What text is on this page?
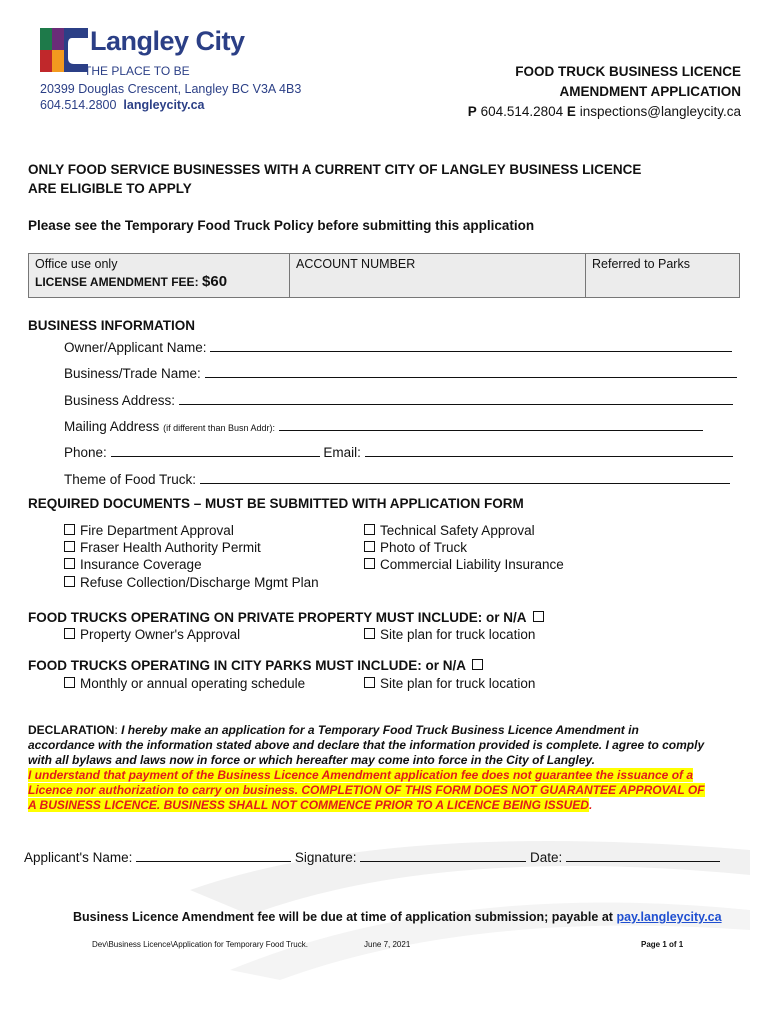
Langley City
THE PLACE TO BE
20399 Douglas Crescent, Langley BC V3A 4B3
604.514.2800 langleycity.ca
FOOD TRUCK BUSINESS LICENCE
AMENDMENT APPLICATION
P 604.514.2804 E inspections@langleycity.ca
ONLY FOOD SERVICE BUSINESSES WITH A CURRENT CITY OF LANGLEY BUSINESS LICENCE
ARE ELIGIBLE TO APPLY
Please see the Temporary Food Truck Policy before submitting this application
Office use only
LICENSE AMENDMENT FEE: $60
ACCOUNT NUMBER	Referred to Parks
BUSINESS INFORMATION
Owner/Applicant Name:
Business/Trade Name:
Business Address:
Mailing Address (if different than Busn Addr):
Phone:	Email:
Theme of Food Truck:
REQUIRED DOCUMENTS – MUST BE SUBMITTED WITH APPLICATION FORM
Fire Department Approval
Fraser Health Authority Permit
Insurance Coverage
Refuse Collection/Discharge Mgmt Plan
Technical Safety Approval
Photo of Truck
Commercial Liability Insurance
FOOD TRUCKS OPERATING ON PRIVATE PROPERTY MUST INCLUDE: or N/A
Property Owner's Approval	Site plan for truck location
FOOD TRUCKS OPERATING IN CITY PARKS MUST INCLUDE: or N/A
Monthly or annual operating schedule	Site plan for truck location
DECLARATION: I hereby make an application for a Temporary Food Truck Business Licence Amendment in
accordance with the information stated above and declare that the information provided is complete. I agree to comply
with all bylaws and laws now in force or which hereafter may come into force in the City of Langley.
I understand that payment of the Business Licence Amendment application fee does not guarantee the issuance of a
Licence nor authorization to carry on business. COMPLETION OF THIS FORM DOES NOT GUARANTEE APPROVAL OF
A BUSINESS LICENCE. BUSINESS SHALL NOT COMMENCE PRIOR TO A LICENCE BEING ISSUED.
Applicant's Name:	Signature:	Date:
Business Licence Amendment fee will be due at time of application submission; payable at pay.langleycity.ca
Dev\Business Licence\Application for Temporary Food Truck.	June 7, 2021	Page 1 of 1
